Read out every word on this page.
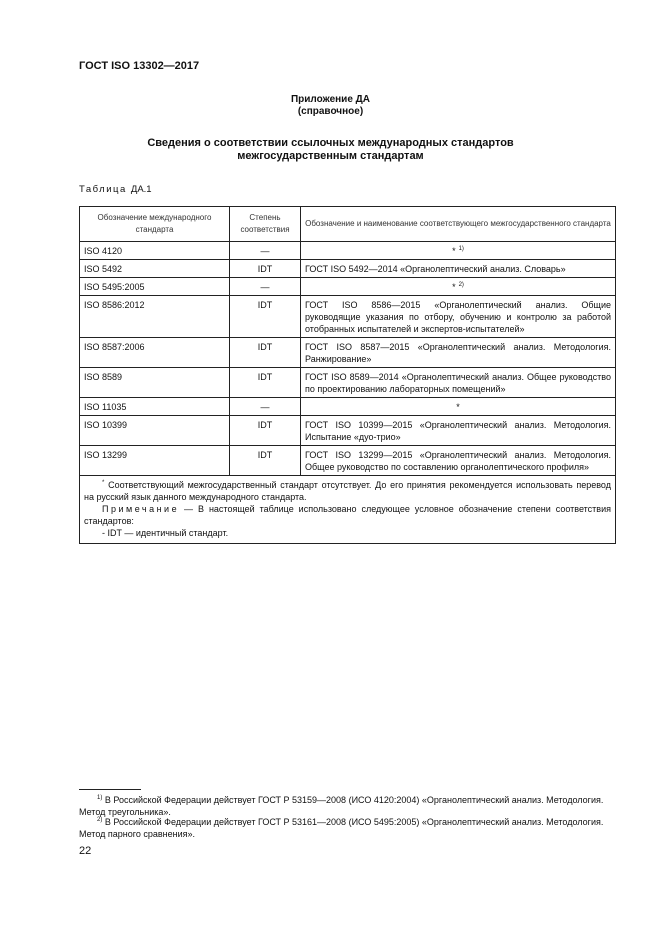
ГОСТ ISO 13302—2017
Приложение ДА
(справочное)
Сведения о соответствии ссылочных международных стандартов
межгосударственным стандартам
Таблица ДА.1
Обозначение международного стандарта	Степень соответствия	Обозначение и наименование соответствующего межгосударственного стандарта
ISO 4120	—	* $^{1)}$
ISO 5492	IDT	ГОСТ ISO 5492—2014 «Органолептический анализ. Словарь»
ISO 5495:2005	—	* $^{2)}$
ISO 8586:2012	IDT	ГОСТ ISO 8586—2015 «Органолептический анализ. Общие руководящие указания по отбору, обучению и контролю за работой отобранных испытателей и экспертов-испытателей»
ISO 8587:2006	IDT	ГОСТ ISO 8587—2015 «Органолептический анализ. Методология. Ранжирование»
ISO 8589	IDT	ГОСТ ISO 8589—2014 «Органолептический анализ. Общее руководство по проектированию лабораторных помещений»
ISO 11035	—	*
ISO 10399	IDT	ГОСТ ISO 10399—2015 «Органолептический анализ. Методология. Испытание «дуо-трио»
ISO 13299	IDT	ГОСТ ISO 13299—2015 «Органолептический анализ. Методология. Общее руководство по составлению органолептического профиля»

* Соответствующий межгосударственный стандарт отсутствует. До его принятия рекомендуется использовать перевод на русский язык данного международного стандарта.
Примечание — В настоящей таблице использовано следующее условное обозначение степени соответствия стандартов:
- IDT — идентичный стандарт.		
$^{1)}$ В Российской Федерации действует ГОСТ Р 53159—2008 (ИСО 4120:2004) «Органолептический анализ. Методология. Метод треугольника».
$^{2)}$ В Российской Федерации действует ГОСТ Р 53161—2008 (ИСО 5495:2005) «Органолептический анализ. Методология. Метод парного сравнения».
22
